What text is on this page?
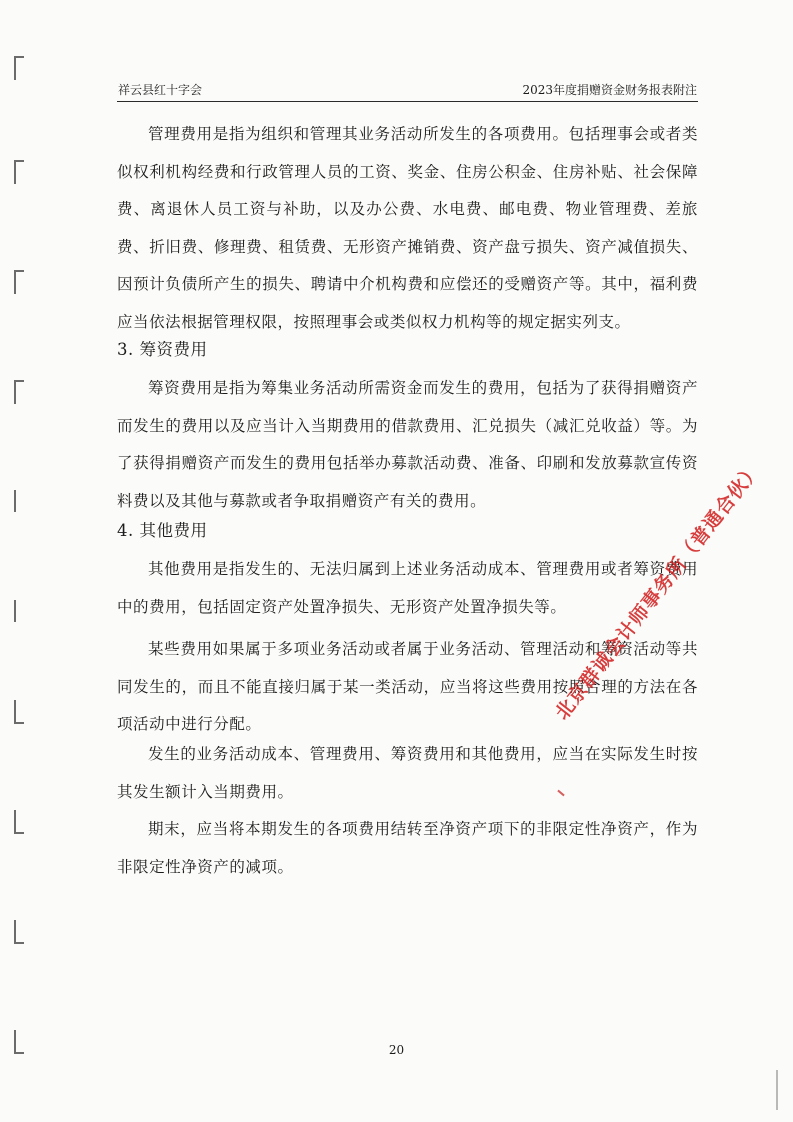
祥云县红十字会	2023年度捐赠资金财务报表附注
管理费用是指为组织和管理其业务活动所发生的各项费用。包括理事会或者类似权利机构经费和行政管理人员的工资、奖金、住房公积金、住房补贴、社会保障费、离退休人员工资与补助，以及办公费、水电费、邮电费、物业管理费、差旅费、折旧费、修理费、租赁费、无形资产摊销费、资产盘亏损失、资产减值损失、因预计负债所产生的损失、聘请中介机构费和应偿还的受赠资产等。其中，福利费应当依法根据管理权限，按照理事会或类似权力机构等的规定据实列支。
3. 筹资费用
筹资费用是指为筹集业务活动所需资金而发生的费用，包括为了获得捐赠资产而发生的费用以及应当计入当期费用的借款费用、汇兑损失（减汇兑收益）等。为了获得捐赠资产而发生的费用包括举办募款活动费、准备、印刷和发放募款宣传资料费以及其他与募款或者争取捐赠资产有关的费用。
4. 其他费用
其他费用是指发生的、无法归属到上述业务活动成本、管理费用或者筹资费用中的费用，包括固定资产处置净损失、无形资产处置净损失等。
某些费用如果属于多项业务活动或者属于业务活动、管理活动和筹资活动等共同发生的，而且不能直接归属于某一类活动，应当将这些费用按照合理的方法在各项活动中进行分配。
发生的业务活动成本、管理费用、筹资费用和其他费用，应当在实际发生时按其发生额计入当期费用。
期末，应当将本期发生的各项费用结转至净资产项下的非限定性净资产，作为非限定性净资产的减项。
北京群诚会计师事务所（普通合伙）
20
